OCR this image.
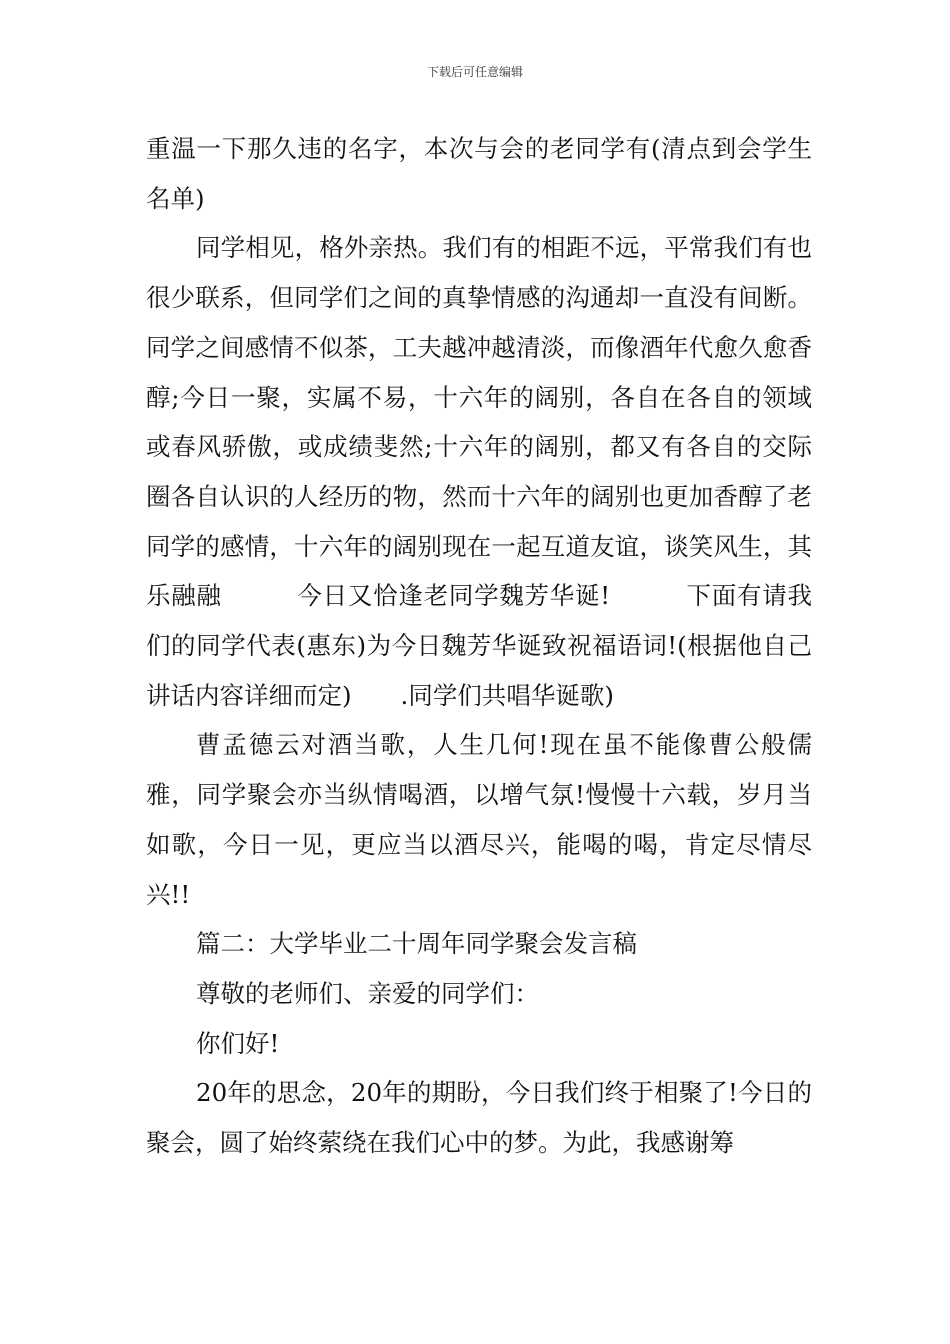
下载后可任意编辑

重温一下那久违的名字，本次与会的老同学有(清点到会学生名单)

同学相见，格外亲热。我们有的相距不远，平常我们有也很少联系，但同学们之间的真挚情感的沟通却一直没有间断。同学之间感情不似茶，工夫越冲越清淡，而像酒年代愈久愈香醇;今日一聚，实属不易，十六年的阔别，各自在各自的领域或春风骄傲，或成绩斐然;十六年的阔别，都又有各自的交际圈各自认识的人经历的物，然而十六年的阔别也更加香醇了老同学的感情，十六年的阔别现在一起互道友谊，谈笑风生，其乐融融　　　今日又恰逢老同学魏芳华诞!　　　下面有请我们的同学代表(惠东)为今日魏芳华诞致祝福语词!(根据他自己讲话内容详细而定)　　.同学们共唱华诞歌)

曹孟德云对酒当歌，人生几何!现在虽不能像曹公般儒雅，同学聚会亦当纵情喝酒，以增气氛!慢慢十六载，岁月当如歌，今日一见，更应当以酒尽兴，能喝的喝，肯定尽情尽兴!!

篇二：大学毕业二十周年同学聚会发言稿

尊敬的老师们、亲爱的同学们：

你们好!

20年的思念，20年的期盼，今日我们终于相聚了!今日的聚会，圆了始终萦绕在我们心中的梦。为此，我感谢筹
